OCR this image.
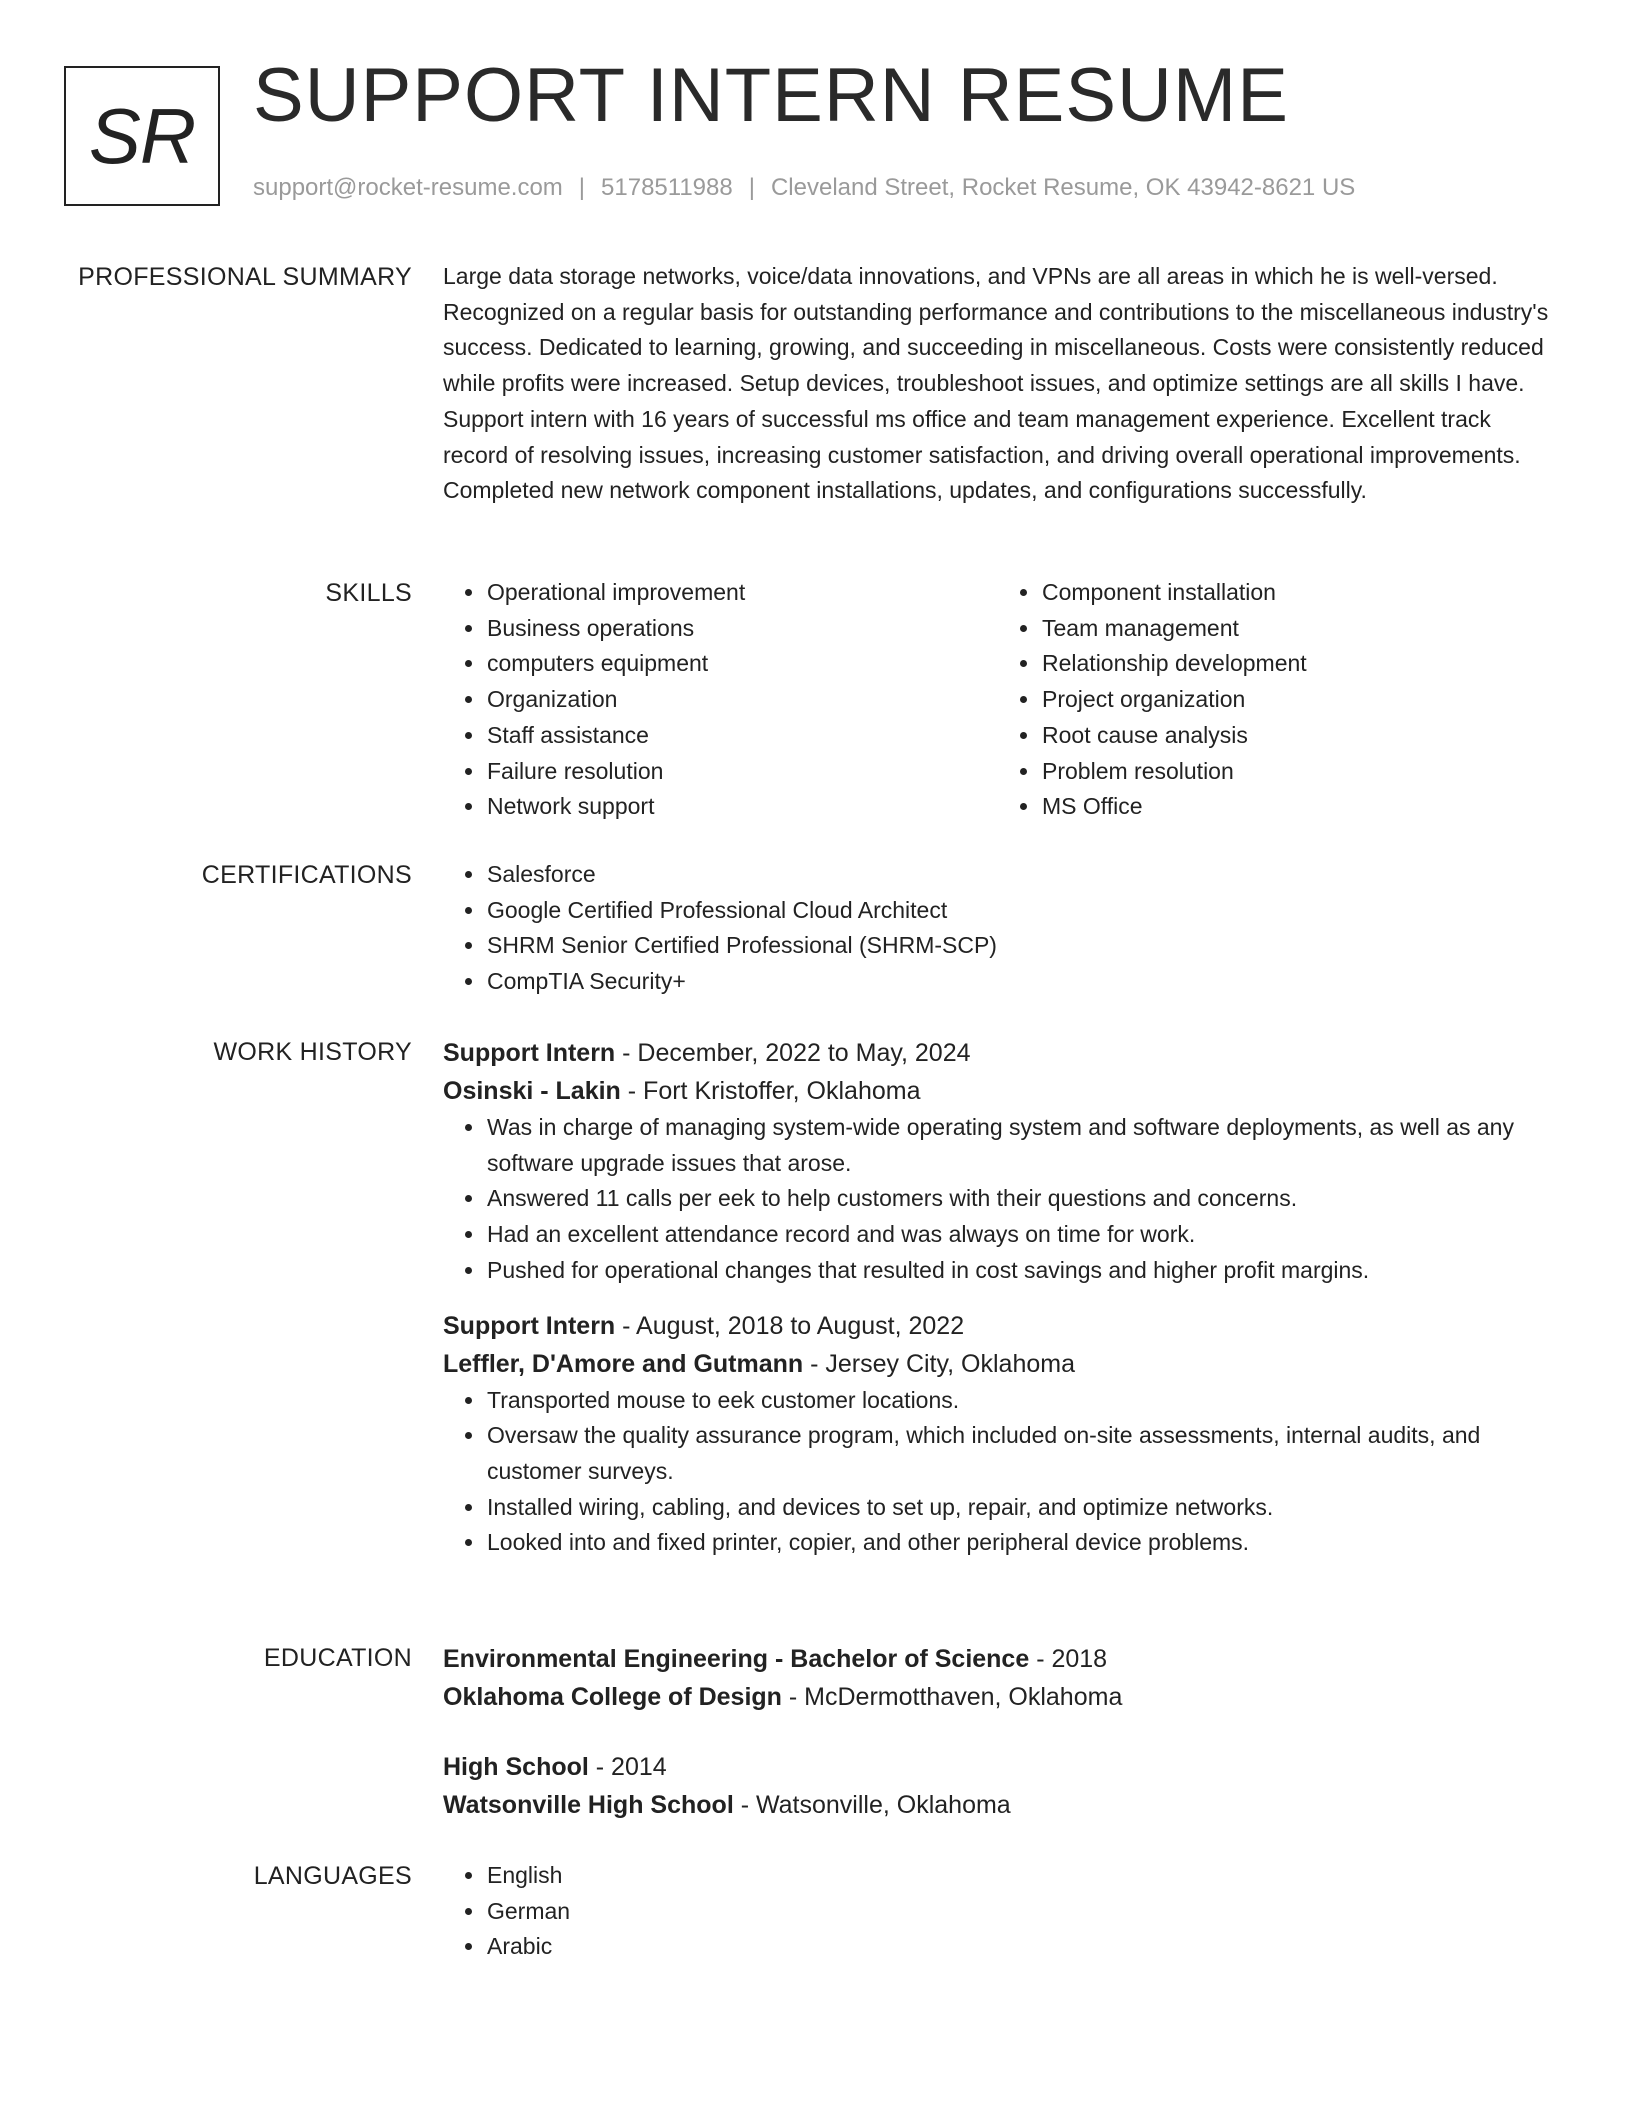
SR SUPPORT INTERN RESUME
support@rocket-resume.com | 5178511988 | Cleveland Street, Rocket Resume, OK 43942-8621 US
PROFESSIONAL SUMMARY Large data storage networks, voice/data innovations, and VPNs are all areas in which he is well-versed. Recognized on a regular basis for outstanding performance and contributions to the miscellaneous industry's success. Dedicated to learning, growing, and succeeding in miscellaneous. Costs were consistently reduced while profits were increased. Setup devices, troubleshoot issues, and optimize settings are all skills I have. Support intern with 16 years of successful ms office and team management experience. Excellent track record of resolving issues, increasing customer satisfaction, and driving overall operational improvements. Completed new network component installations, updates, and configurations successfully.

SKILLS	• Operational improvement
• Business operations
• computers equipment
• Organization
• Staff assistance
• Failure resolution
• Network support
• Component installation
• Team management
• Relationship development
• Project organization
• Root cause analysis
• Problem resolution
• MS Office
CERTIFICATIONS	• Salesforce
• Google Certified Professional Cloud Architect
• SHRM Senior Certified Professional (SHRM-SCP)
• CompTIA Security+
WORK HISTORY Support Intern - December, 2022 to May, 2024
Osinski - Lakin - Fort Kristoffer, Oklahoma
• Was in charge of managing system-wide operating system and software deployments, as well as any software upgrade issues that arose.
• Answered 11 calls per eek to help customers with their questions and concerns.
• Had an excellent attendance record and was always on time for work.
• Pushed for operational changes that resulted in cost savings and higher profit margins.
Support Intern - August, 2018 to August, 2022
Leffler, D'Amore and Gutmann - Jersey City, Oklahoma
• Transported mouse to eek customer locations.
• Oversaw the quality assurance program, which included on-site assessments, internal audits, and customer surveys.
• Installed wiring, cabling, and devices to set up, repair, and optimize networks.
• Looked into and fixed printer, copier, and other peripheral device problems.
EDUCATION Environmental Engineering - Bachelor of Science - 2018
Oklahoma College of Design - McDermotthaven, Oklahoma
High School - 2014
Watsonville High School - Watsonville, Oklahoma
LANGUAGES	• English
• German
• Arabic
